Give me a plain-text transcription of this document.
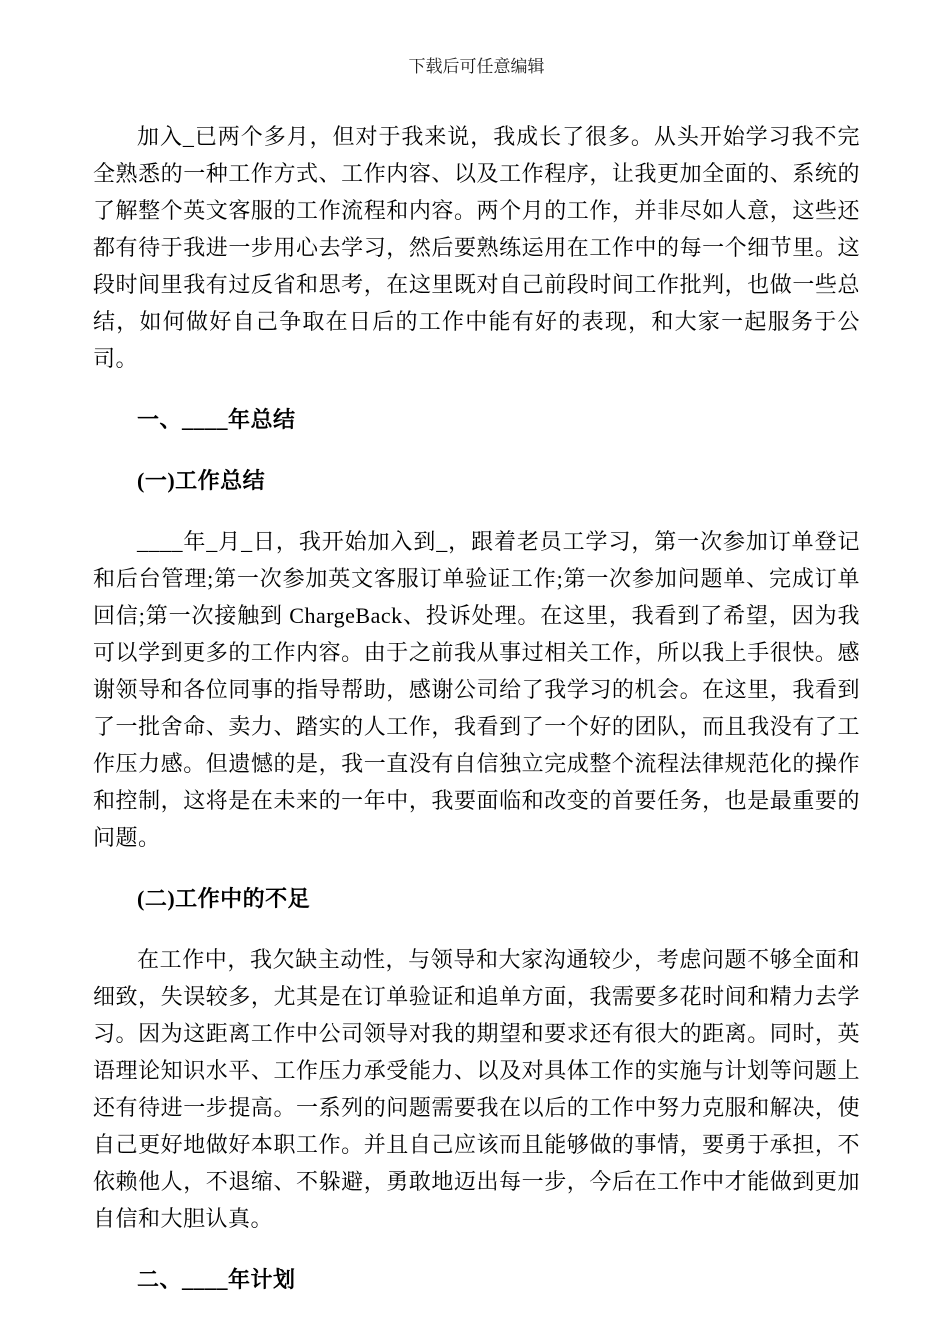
下载后可任意编辑

加入_已两个多月，但对于我来说，我成长了很多。从头开始学习我不完全熟悉的一种工作方式、工作内容、以及工作程序，让我更加全面的、系统的了解整个英文客服的工作流程和内容。两个月的工作，并非尽如人意，这些还都有待于我进一步用心去学习，然后要熟练运用在工作中的每一个细节里。这段时间里我有过反省和思考，在这里既对自己前段时间工作批判，也做一些总结，如何做好自己争取在日后的工作中能有好的表现，和大家一起服务于公司。

一、____年总结
(一)工作总结

____年_月_日，我开始加入到_，跟着老员工学习，第一次参加订单登记和后台管理;第一次参加英文客服订单验证工作;第一次参加问题单、完成订单回信;第一次接触到 ChargeBack、投诉处理。在这里，我看到了希望，因为我可以学到更多的工作内容。由于之前我从事过相关工作，所以我上手很快。感谢领导和各位同事的指导帮助，感谢公司给了我学习的机会。在这里，我看到了一批舍命、卖力、踏实的人工作，我看到了一个好的团队，而且我没有了工作压力感。但遗憾的是，我一直没有自信独立完成整个流程法律规范化的操作和控制，这将是在未来的一年中，我要面临和改变的首要任务，也是最重要的问题。

(二)工作中的不足

在工作中，我欠缺主动性，与领导和大家沟通较少，考虑问题不够全面和细致，失误较多，尤其是在订单验证和追单方面，我需要多花时间和精力去学习。因为这距离工作中公司领导对我的期望和要求还有很大的距离。同时，英语理论知识水平、工作压力承受能力、以及对具体工作的实施与计划等问题上还有待进一步提高。一系列的问题需要我在以后的工作中努力克服和解决，使自己更好地做好本职工作。并且自己应该而且能够做的事情，要勇于承担，不依赖他人，不退缩、不躲避，勇敢地迈出每一步，今后在工作中才能做到更加自信和大胆认真。

二、____年计划
